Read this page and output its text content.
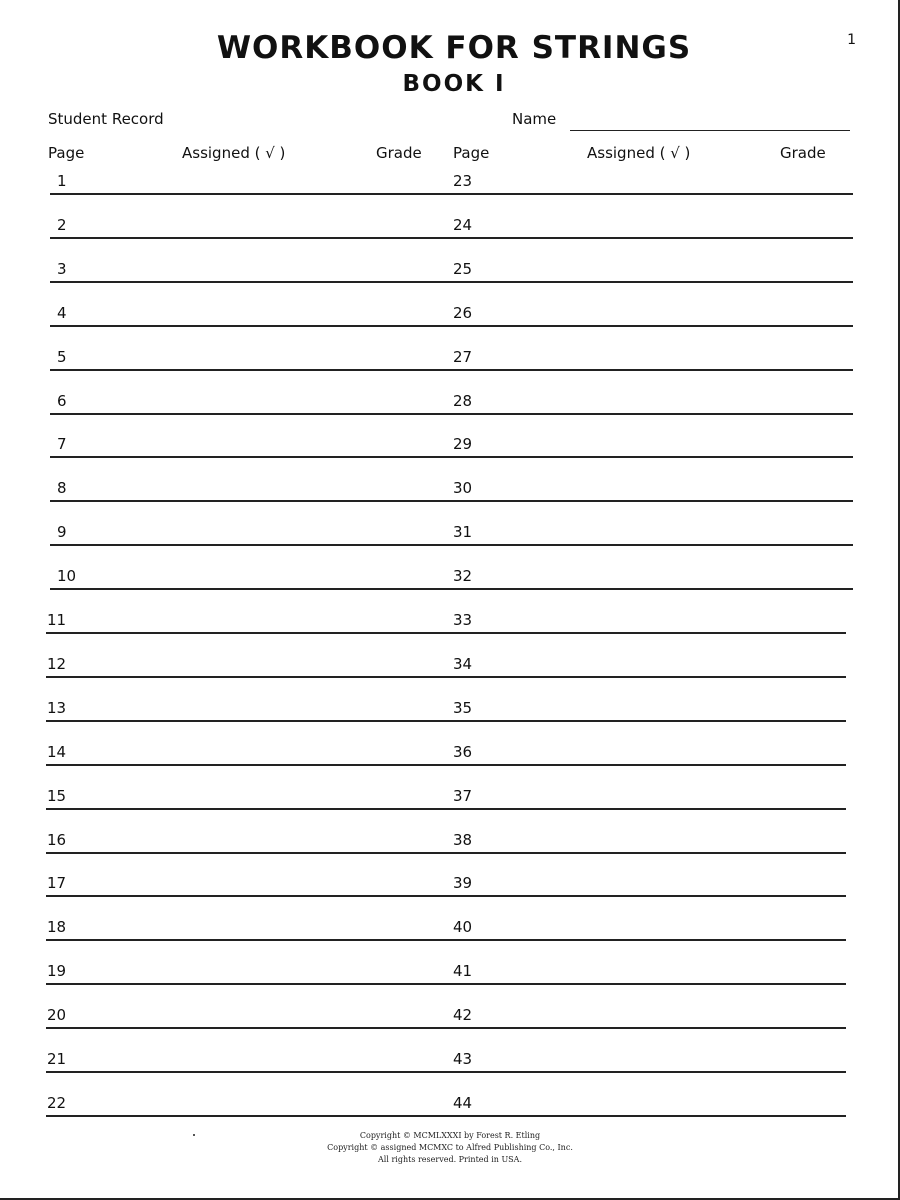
1
WORKBOOK FOR STRINGS
BOOK I
Student Record	Name
Page	Assigned ( √ )	Grade Page	Assigned ( √ )	Grade
1	23
2	24
3	25
4	26
5	27
6	28
7	29
8	30
9	31
10	32
11	33
12	34
13	35
14	36
15	37
16	38
17	39
18	40
19	41
20	42
21	43
22	44
Copyright © MCMLXXXI by Forest R. Etling
Copyright © assigned MCMXC to Alfred Publishing Co., Inc.
All rights reserved. Printed in USA.
